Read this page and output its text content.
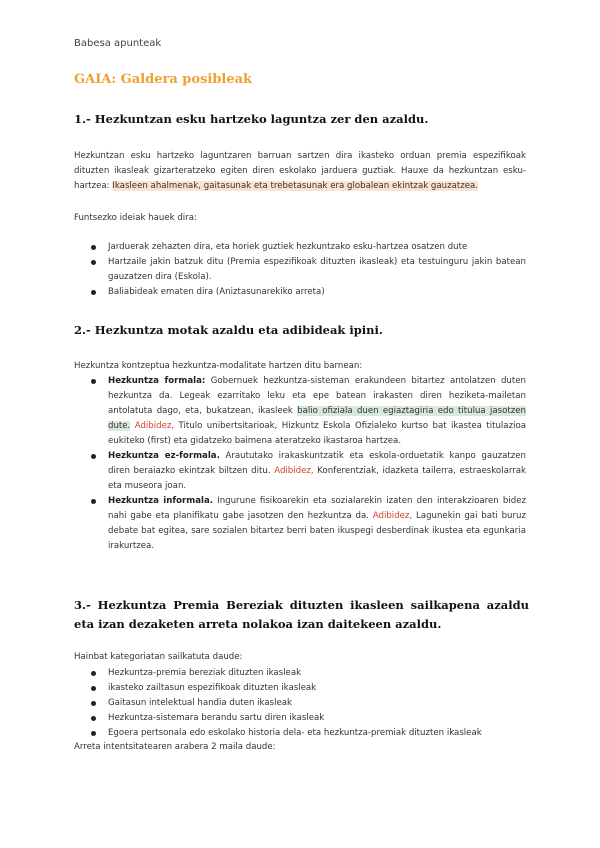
Babesa apunteak
GAIA: Galdera posibleak
1.- Hezkuntzan esku hartzeko laguntza zer den azaldu.
Hezkuntzan esku hartzeko laguntzaren barruan sartzen dira ikasteko orduan premia espezifikoak dituzten ikasleak gizarteratzeko egiten diren eskolako jarduera guztiak. Hauxe da hezkuntzan esku-hartzea: Ikasleen ahalmenak, gaitasunak eta trebetasunak era globalean ekintzak gauzatzea.
Funtsezko ideiak hauek dira:
Jarduerak zehazten dira, eta horiek guztiek hezkuntzako esku-hartzea osatzen dute
Hartzaile jakin batzuk ditu (Premia espezifikoak dituzten ikasleak) eta testuinguru jakin batean gauzatzen dira (Eskola).
Baliabideak ematen dira (Aniztasunarekiko arreta)
2.- Hezkuntza motak azaldu eta adibideak ipini.
Hezkuntza kontzeptua hezkuntza-modalitate hartzen ditu barnean:
Hezkuntza formala: Gobernuek hezkuntza-sisteman erakundeen bitartez antolatzen duten hezkuntza da. Legeak ezarritako leku eta epe batean irakasten diren heziketa-mailetan antolatuta dago, eta, bukatzean, ikasleek balio ofiziala duen egiaztagiria edo titulua jasotzen dute. Adibidez, Titulo unibertsitarioak, Hizkuntz Eskola Ofizialeko kurtso bat ikastea titulazioa eukiteko (first) eta gidatzeko baimena ateratzeko ikastaroa hartzea.
Hezkuntza ez-formala. Araututako irakaskuntzatik eta eskola-orduetatik kanpo gauzatzen diren beraiazko ekintzak biltzen ditu. Adibidez, Konferentziak, idazketa tailerra, estraeskolarrak eta museora joan.
Hezkuntza informala. Ingurune fisikoarekin eta sozialarekin izaten den interakzioaren bidez nahi gabe eta planifikatu gabe jasotzen den hezkuntza da. Adibidez, Lagunekin gai bati buruz debate bat egitea, sare sozialen bitartez berri baten ikuspegi desberdinak ikustea eta egunkaria irakurtzea.
3.- Hezkuntza Premia Bereziak dituzten ikasleen sailkapena azaldu eta izan dezaketen arreta nolakoa izan daitekeen azaldu.
Hainbat kategoriatan sailkatuta daude:
Hezkuntza-premia bereziak dituzten ikasleak
ikasteko zailtasun espezifikoak dituzten ikasleak
Gaitasun intelektual handia duten ikasleak
Hezkuntza-sistemara berandu sartu diren ikasleak
Egoera pertsonala edo eskolako historia dela- eta hezkuntza-premiak dituzten ikasleak
Arreta intentsitatearen arabera 2 maila daude:
